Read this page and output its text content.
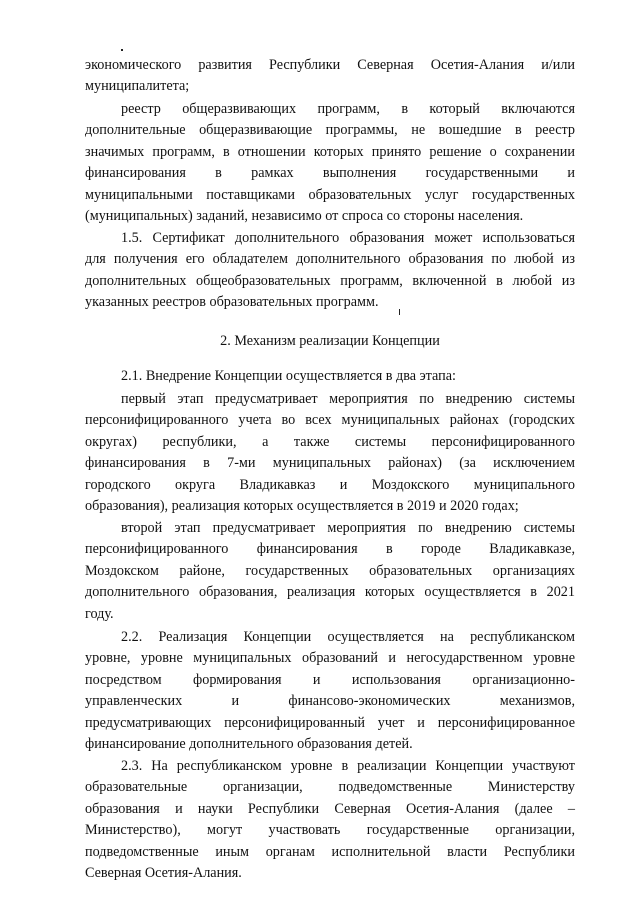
экономического развития Республики Северная Осетия-Алания и/или
муниципалитета;
реестр общеразвивающих программ, в который включаются
дополнительные общеразвивающие программы, не вошедшие в реестр
значимых программ, в отношении которых принято решение о сохранении
финансирования в рамках выполнения государственными и
муниципальными поставщиками образовательных услуг государственных
(муниципальных) заданий, независимо от спроса со стороны населения.
1.5. Сертификат дополнительного образования может использоваться
для получения его обладателем дополнительного образования по любой из
дополнительных общеобразовательных программ, включенной в любой из
указанных реестров образовательных программ.
2. Механизм реализации Концепции
2.1. Внедрение Концепции осуществляется в два этапа:
первый этап предусматривает мероприятия по внедрению системы
персонифицированного учета во всех муниципальных районах (городских
округах) республики, а также системы персонифицированного
финансирования в 7-ми муниципальных районах) (за исключением
городского округа Владикавказ и Моздокского муниципального
образования), реализация которых осуществляется в 2019 и 2020 годах;
второй этап предусматривает мероприятия по внедрению системы
персонифицированного финансирования в городе Владикавказе,
Моздокском районе, государственных образовательных организациях
дополнительного образования, реализация которых осуществляется в 2021
году.
2.2. Реализация Концепции осуществляется на республиканском
уровне, уровне муниципальных образований и негосударственном уровне
посредством формирования и использования организационно-
управленческих и финансово-экономических механизмов,
предусматривающих персонифицированный учет и персонифицированное
финансирование дополнительного образования детей.
2.3. На республиканском уровне в реализации Концепции участвуют
образовательные организации, подведомственные Министерству
образования и науки Республики Северная Осетия-Алания (далее –
Министерство), могут участвовать государственные организации,
подведомственные иным органам исполнительной власти Республики
Северная Осетия-Алания.
